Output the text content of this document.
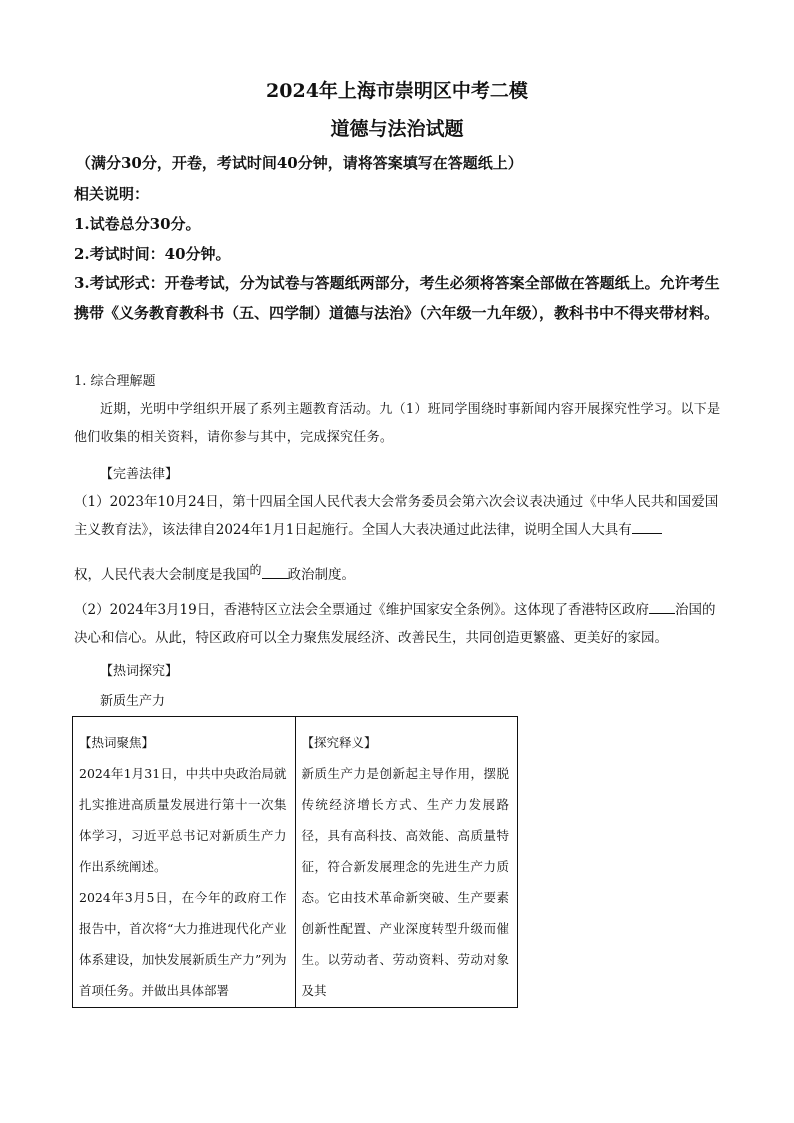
2024年上海市崇明区中考二模
道德与法治试题
（满分30分，开卷，考试时间40分钟，请将答案填写在答题纸上）
相关说明：
1.试卷总分30分。
2.考试时间：40分钟。
3.考试形式：开卷考试，分为试卷与答题纸两部分，考生必须将答案全部做在答题纸上。允许考生携带《义务教育教科书（五、四学制）道德与法治》（六年级一九年级），教科书中不得夹带材料。
1. 综合理解题
近期，光明中学组织开展了系列主题教育活动。九（1）班同学围绕时事新闻内容开展探究性学习。以下是他们收集的相关资料，请你参与其中，完成探究任务。
【完善法律】
（1）2023年10月24日，第十四届全国人民代表大会常务委员会第六次会议表决通过《中华人民共和国爱国主义教育法》，该法律自2024年1月1日起施行。全国人大表决通过此法律，说明全国人大具有
权，人民代表大会制度是我国的 政治制度。
（2）2024年3月19日，香港特区立法会全票通过《维护国家安全条例》。这体现了香港特区政府 治国的决心和信心。从此，特区政府可以全力聚焦发展经济、改善民生，共同创造更繁盛、更美好的家园。
【热词探究】
新质生产力

【热词聚焦】

2024年1月31日，中共中央政治局就扎实推进高质量发展进行第十一次集体学习，习近平总书记对新质生产力作出系统阐述。

2024年3月5日，在今年的政府工作报告中，首次将“大力推进现代化产业体系建设，加快发展新质生产力”列为首项任务。并做出具体部署

【探究释义】

新质生产力是创新起主导作用，摆脱传统经济增长方式、生产力发展路径，具有高科技、高效能、高质量特征，符合新发展理念的先进生产力质态。它由技术革命新突破、生产要素创新性配置、产业深度转型升级而催生。以劳动者、劳动资料、劳动对象及其
